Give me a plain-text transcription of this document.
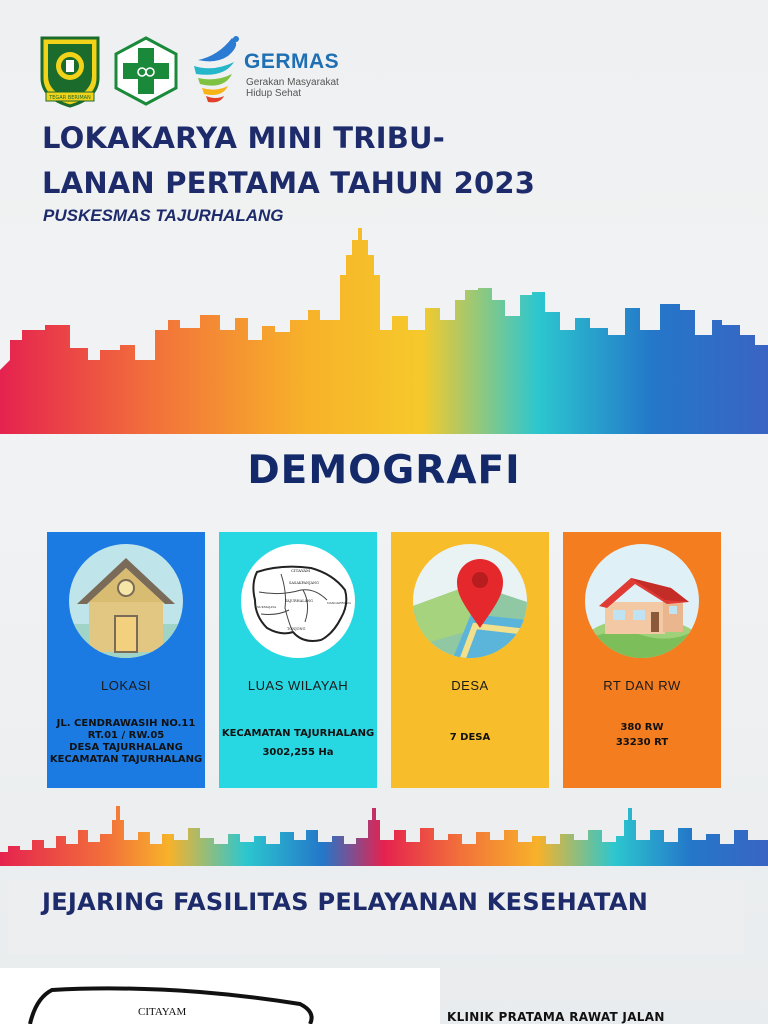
TEGAR BERIMAN
GERMAS
Gerakan Masyarakat
Hidup Sehat
LOKAKARYA MINI TRIBU-
LANAN PERTAMA TAHUN 2023
PUSKESMAS TAJURHALANG
DEMOGRAFI
LOKASI
JL. CENDRAWASIH NO.11
RT.01 / RW.05
DESA TAJURHALANG
KECAMATAN TAJURHALANG
CITAYAM
SASAKPANJANG
TAJURHALANG	NANGGERANG
TONJONG
SUKMAJAYA
LUAS WILAYAH
KECAMATAN TAJURHALANG
3002,255 Ha
DESA
7 DESA
RT DAN RW
380 RW
33230 RT
JEJARING FASILITAS PELAYANAN KESEHATAN
CITAYAM	KLINIK PRATAMA RAWAT JALAN
